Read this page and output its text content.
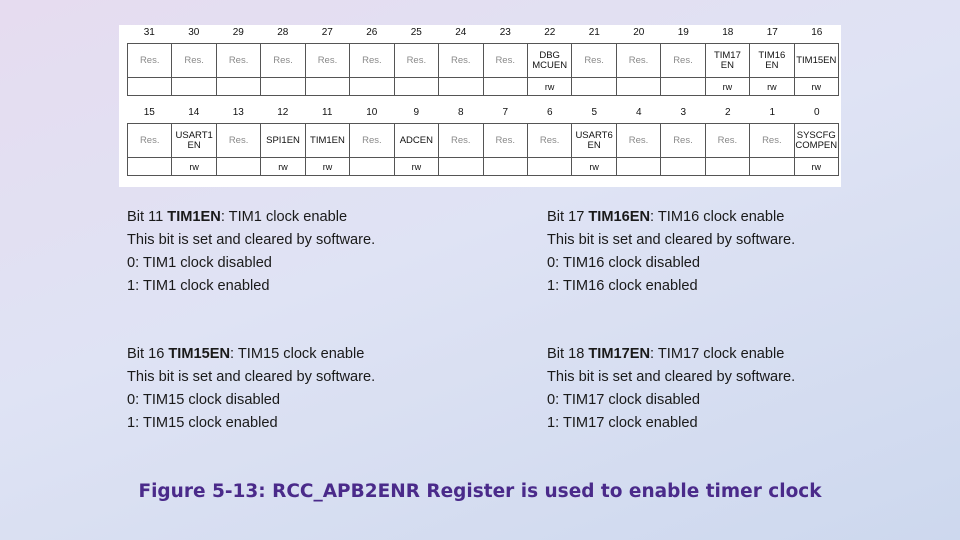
31	30	29	28	27	26	25	24	23	22	21	20	19	18	17	16
Res.	Res.	Res.	Res.	Res.	Res.	Res.	Res.	Res.	DBG
MCUEN	Res.	Res.	Res.	TIM17
EN	TIM16
EN	TIM15EN
									rw				rw	rw	rw
15	14	13	12	11	10	9	8	7	6	5	4	3	2	1	0
Res.	USART1
EN	Res.	SPI1EN	TIM1EN	Res.	ADCEN	Res.	Res.	Res.	USART6
EN	Res.	Res.	Res.	Res.	SYSCFG
COMPEN
	rw		rw	rw		rw				rw					rw
Bit 11 TIM1EN: TIM1 clock enable
This bit is set and cleared by software.
0: TIM1 clock disabled
1: TIM1 clock enabled
Bit 17 TIM16EN: TIM16 clock enable
This bit is set and cleared by software.
0: TIM16 clock disabled
1: TIM16 clock enabled
Bit 16 TIM15EN: TIM15 clock enable
This bit is set and cleared by software.
0: TIM15 clock disabled
1: TIM15 clock enabled
Bit 18 TIM17EN: TIM17 clock enable
This bit is set and cleared by software.
0: TIM17 clock disabled
1: TIM17 clock enabled
Figure 5-13: RCC_APB2ENR Register is used to enable timer clock
